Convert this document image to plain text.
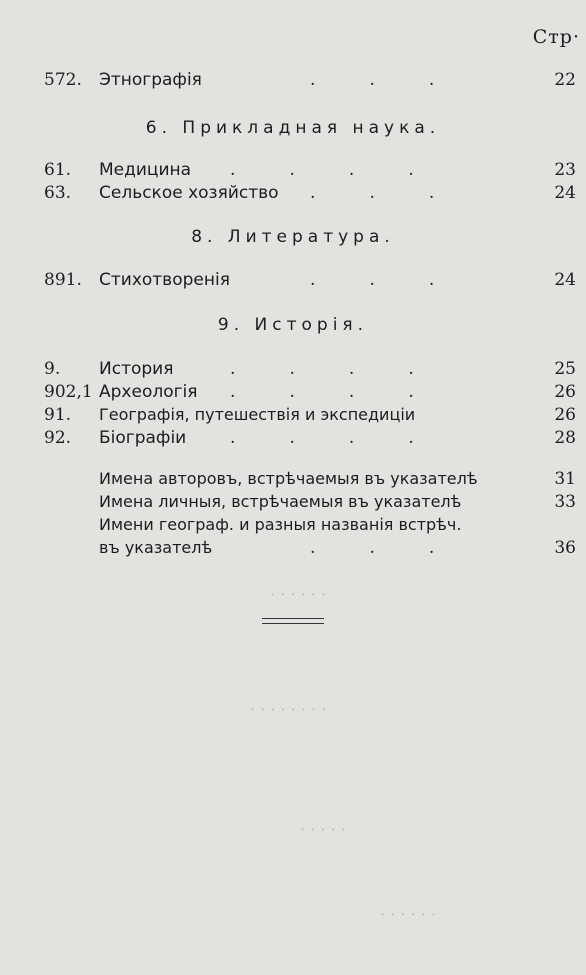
· · · · · ·
· · · · · · · ·
· · · · ·
· · · · · ·
Стр·
572. Этнографія	.          .          .	22
6. Прикладная наука.
61. Медицина .          .          .          .	23
63. Сельское хозяйство .          .          .	24
8. Литература.
891. Стихотворенія	.          .          .	24
9. Исторія.
9. История	.          .          .          .	25
902,1 Археологія .          .          .          .	26
91. Географія, путешествія и экспедиціи	26
92. Біографіи	.          .          .          .	28
Имена авторовъ, встрѣчаемыя въ указателѣ	31
Имена личныя, встрѣчаемыя въ указателѣ	33
Имени географ. и разныя названія встрѣч.
въ указателѣ	.          .          .	36
